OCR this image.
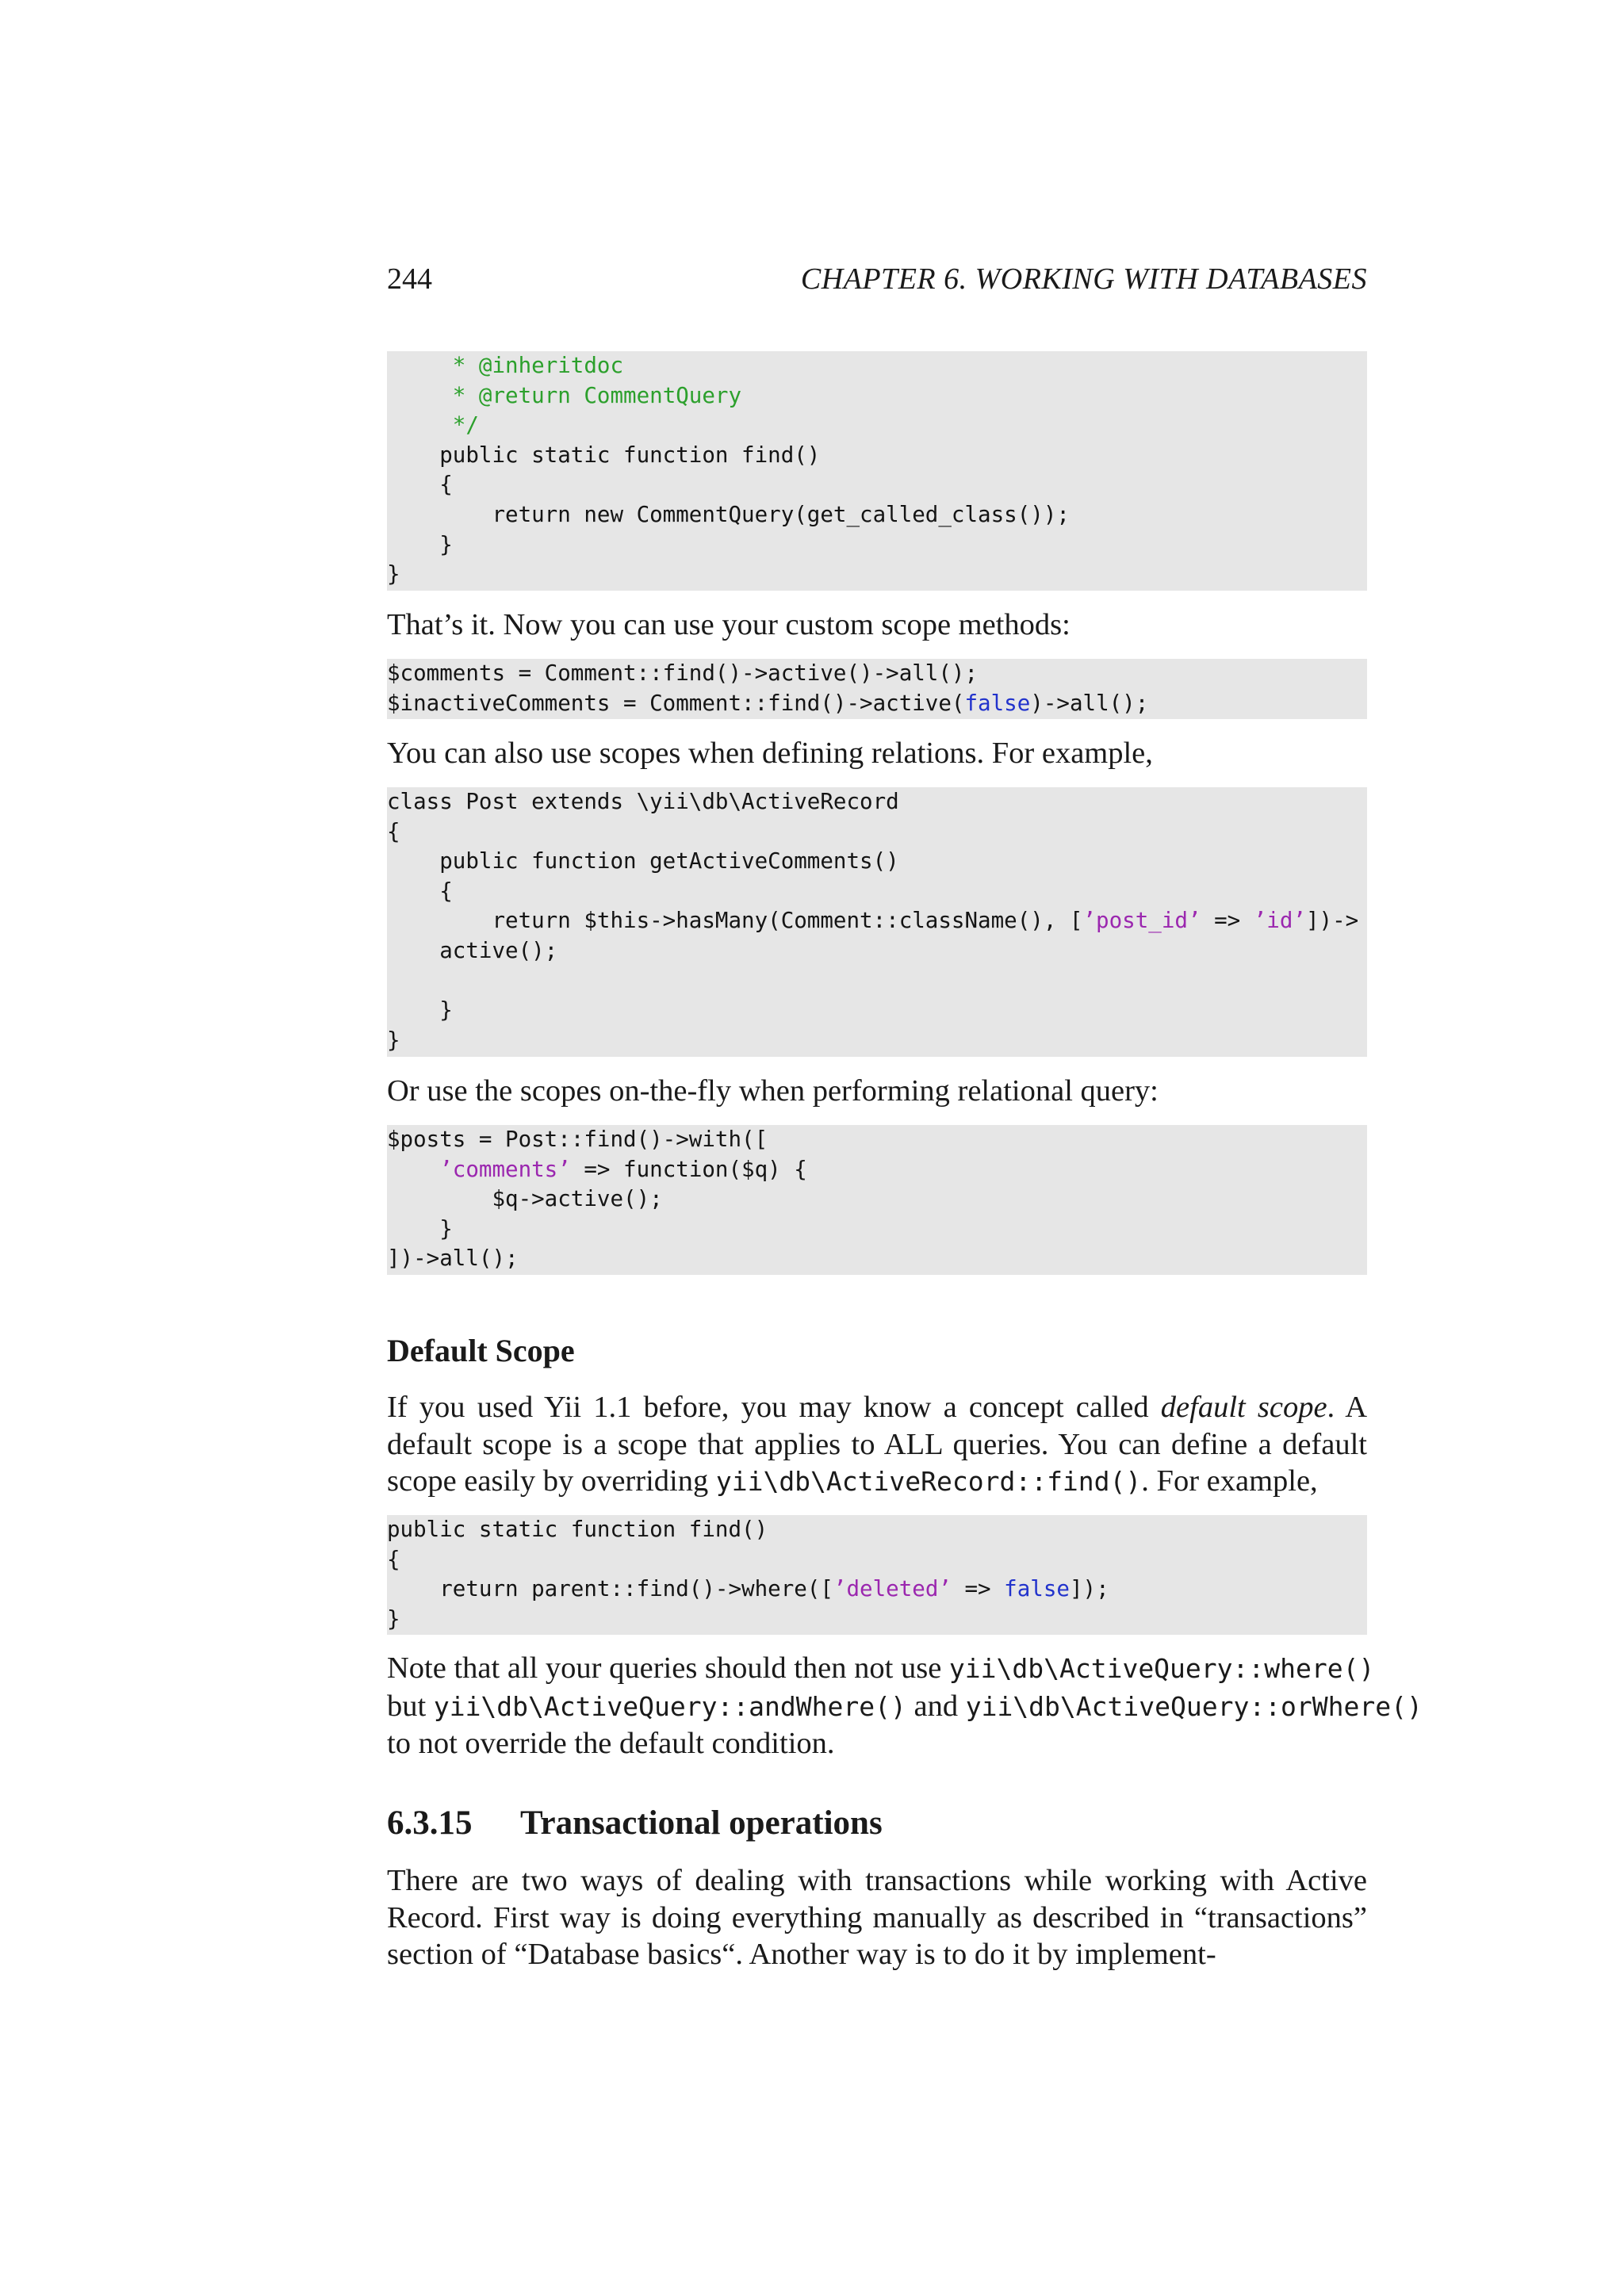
244	CHAPTER 6. WORKING WITH DATABASES
* @inheritdoc
* @return CommentQuery
*/
public static function find()
{
return new CommentQuery(get_called_class());
}
}
That’s it. Now you can use your custom scope methods:
$comments = Comment::find()->active()->all();
$inactiveComments = Comment::find()->active(false)->all();
You can also use scopes when defining relations. For example,
class Post extends \yii\db\ActiveRecord
{
public function getActiveComments()
{
return $this->hasMany(Comment::className(), [’post_id’ => ’id’])->
active();
}
}
Or use the scopes on-the-fly when performing relational query:
$posts = Post::find()->with([
’comments’ => function($q) {
$q->active();
}
])->all();
Default Scope
If you used Yii 1.1 before, you may know a concept called default scope. A default scope is a scope that applies to ALL queries. You can define a default scope easily by overriding yii\db\ActiveRecord::find(). For example,
public static function find()
{
return parent::find()->where([’deleted’ => false]);
}
Note that all your queries should then not use yii\db\ActiveQuery::where()
but yii\db\ActiveQuery::andWhere() and yii\db\ActiveQuery::orWhere()
to not override the default condition.
6.3.15 Transactional operations
There are two ways of dealing with transactions while working with Active Record. First way is doing everything manually as described in “transactions” section of “Database basics“. Another way is to do it by implement-
